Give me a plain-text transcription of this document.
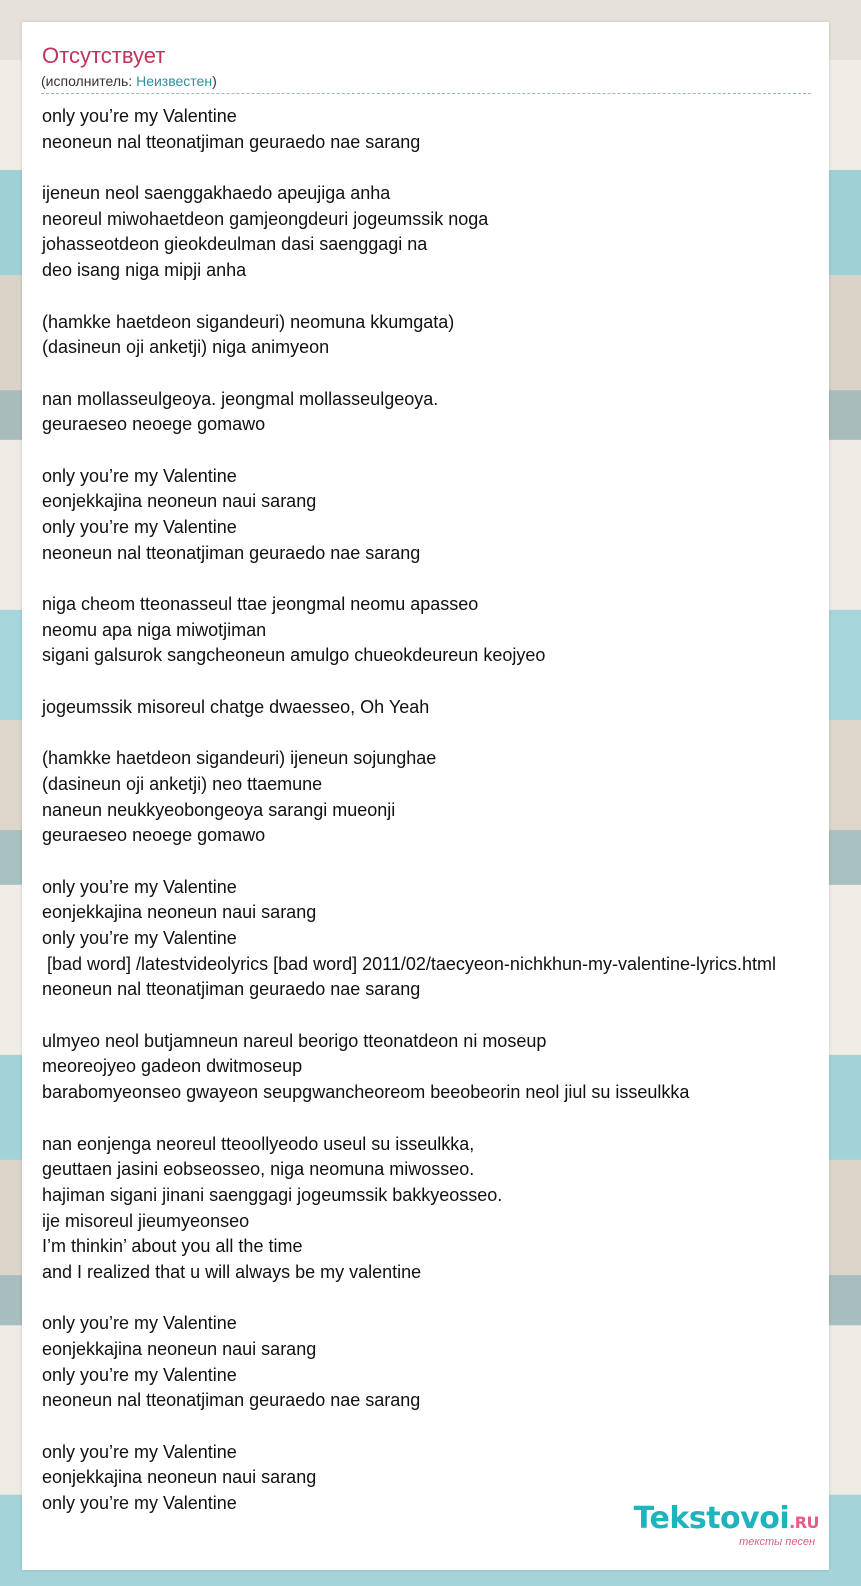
Отсутствует
(исполнитель: Неизвестен)
only you’re my Valentine
neoneun nal tteonatjiman geuraedo nae sarang
ijeneun neol saenggakhaedo apeujiga anha
neoreul miwohaetdeon gamjeongdeuri jogeumssik noga
johasseotdeon gieokdeulman dasi saenggagi na
deo isang niga mipji anha
(hamkke haetdeon sigandeuri) neomuna kkumgata)
(dasineun oji anketji) niga animyeon
nan mollasseulgeoya. jeongmal mollasseulgeoya.
geuraeseo neoege gomawo
only you’re my Valentine
eonjekkajina neoneun naui sarang
only you’re my Valentine
neoneun nal tteonatjiman geuraedo nae sarang
niga cheom tteonasseul ttae jeongmal neomu apasseo
neomu apa niga miwotjiman
sigani galsurok sangcheoneun amulgo chueokdeureun keojyeo
jogeumssik misoreul chatge dwaesseo, Oh Yeah
(hamkke haetdeon sigandeuri) ijeneun sojunghae
(dasineun oji anketji) neo ttaemune
naneun neukkyeobongeoya sarangi mueonji
geuraeseo neoege gomawo
only you’re my Valentine
eonjekkajina neoneun naui sarang
only you’re my Valentine
[bad word] /latestvideolyrics [bad word] 2011/02/taecyeon-nichkhun-my-valentine-lyrics.html
neoneun nal tteonatjiman geuraedo nae sarang
ulmyeo neol butjamneun nareul beorigo tteonatdeon ni moseup
meoreojyeo gadeon dwitmoseup
barabomyeonseo gwayeon seupgwancheoreom beeobeorin neol jiul su isseulkka
nan eonjenga neoreul tteoollyeodo useul su isseulkka,
geuttaen jasini eobseosseo, niga neomuna miwosseo.
hajiman sigani jinani saenggagi jogeumssik bakkyeosseo.
ije misoreul jieumyeonseo
I’m thinkin’ about you all the time
and I realized that u will always be my valentine
only you’re my Valentine
eonjekkajina neoneun naui sarang
only you’re my Valentine
neoneun nal tteonatjiman geuraedo nae sarang
only you’re my Valentine
eonjekkajina neoneun naui sarang
only you’re my Valentine	Tekstovoi.RU
тексты песен
